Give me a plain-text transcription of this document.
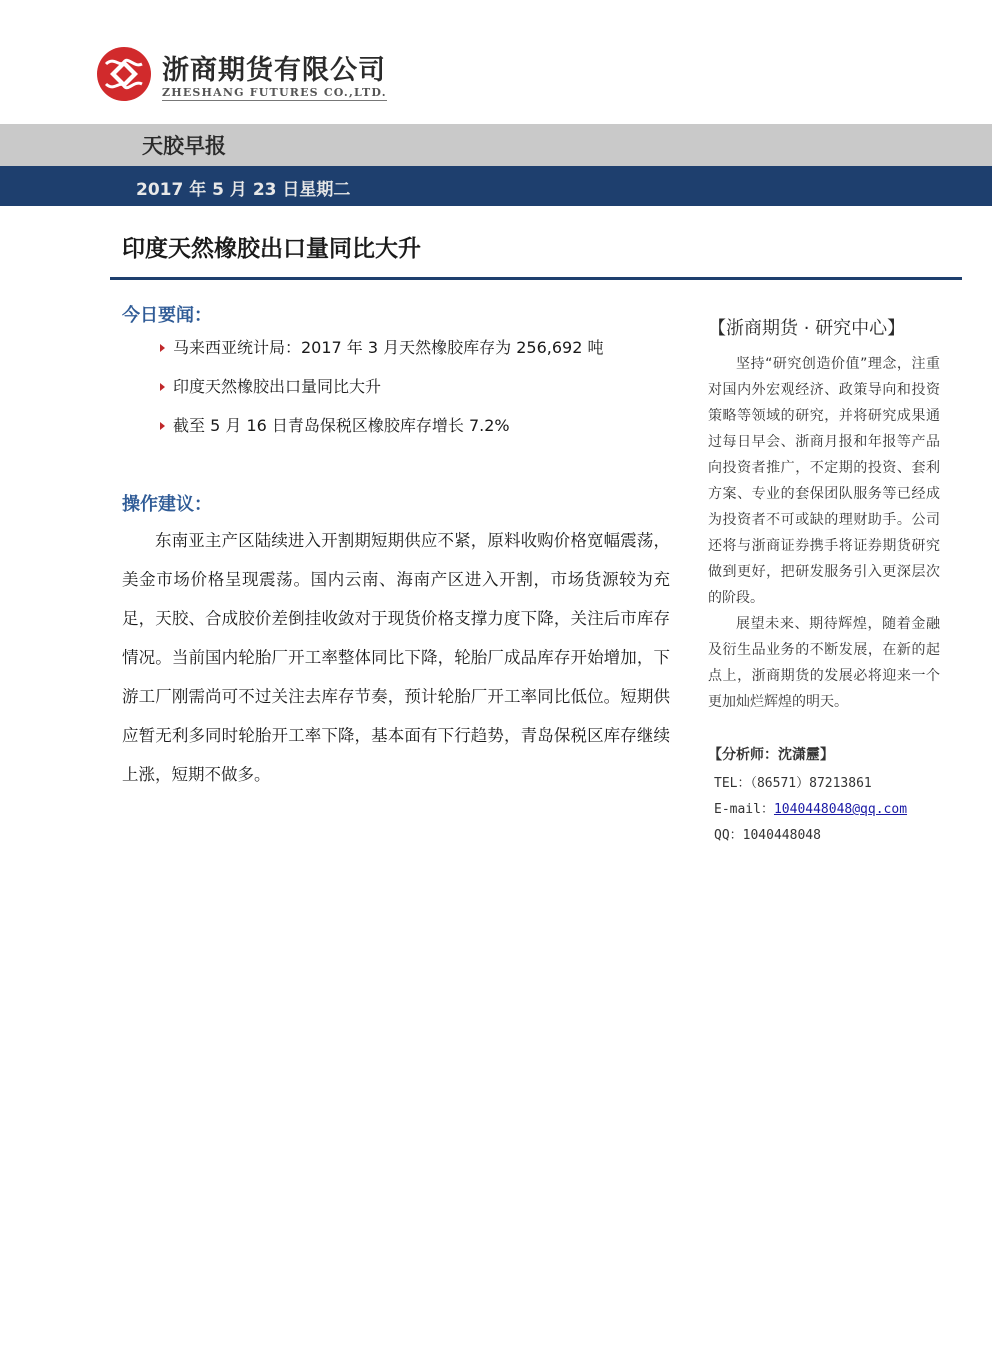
浙商期货有限公司
ZHESHANG FUTURES CO.,LTD.
天胶早报
2017 年 5 月 23 日星期二
印度天然橡胶出口量同比大升
今日要闻：
马来西亚统计局：2017 年 3 月天然橡胶库存为 256,692 吨
印度天然橡胶出口量同比大升
截至 5 月 16 日青岛保税区橡胶库存增长 7.2%
操作建议：
东南亚主产区陆续进入开割期短期供应不紧，原料收购价格宽幅震荡，美金市场价格呈现震荡。国内云南、海南产区进入开割，市场货源较为充足，天胶、合成胶价差倒挂收敛对于现货价格支撑力度下降，关注后市库存情况。当前国内轮胎厂开工率整体同比下降，轮胎厂成品库存开始增加，下游工厂刚需尚可不过关注去库存节奏，预计轮胎厂开工率同比低位。短期供应暂无利多同时轮胎开工率下降，基本面有下行趋势，青岛保税区库存继续上涨，短期不做多。
【浙商期货 · 研究中心】
坚持“研究创造价值”理念，注重对国内外宏观经济、政策导向和投资策略等领域的研究，并将研究成果通过每日早会、浙商月报和年报等产品向投资者推广，不定期的投资、套利方案、专业的套保团队服务等已经成为投资者不可或缺的理财助手。公司还将与浙商证券携手将证券期货研究做到更好，把研发服务引入更深层次的阶段。
展望未来、期待辉煌，随着金融及衍生品业务的不断发展，在新的起点上，浙商期货的发展必将迎来一个更加灿烂辉煌的明天。
【分析师：沈潇靂】
TEL：（86571）87213861
E-mail：1040448048@qq.com
QQ：1040448048
